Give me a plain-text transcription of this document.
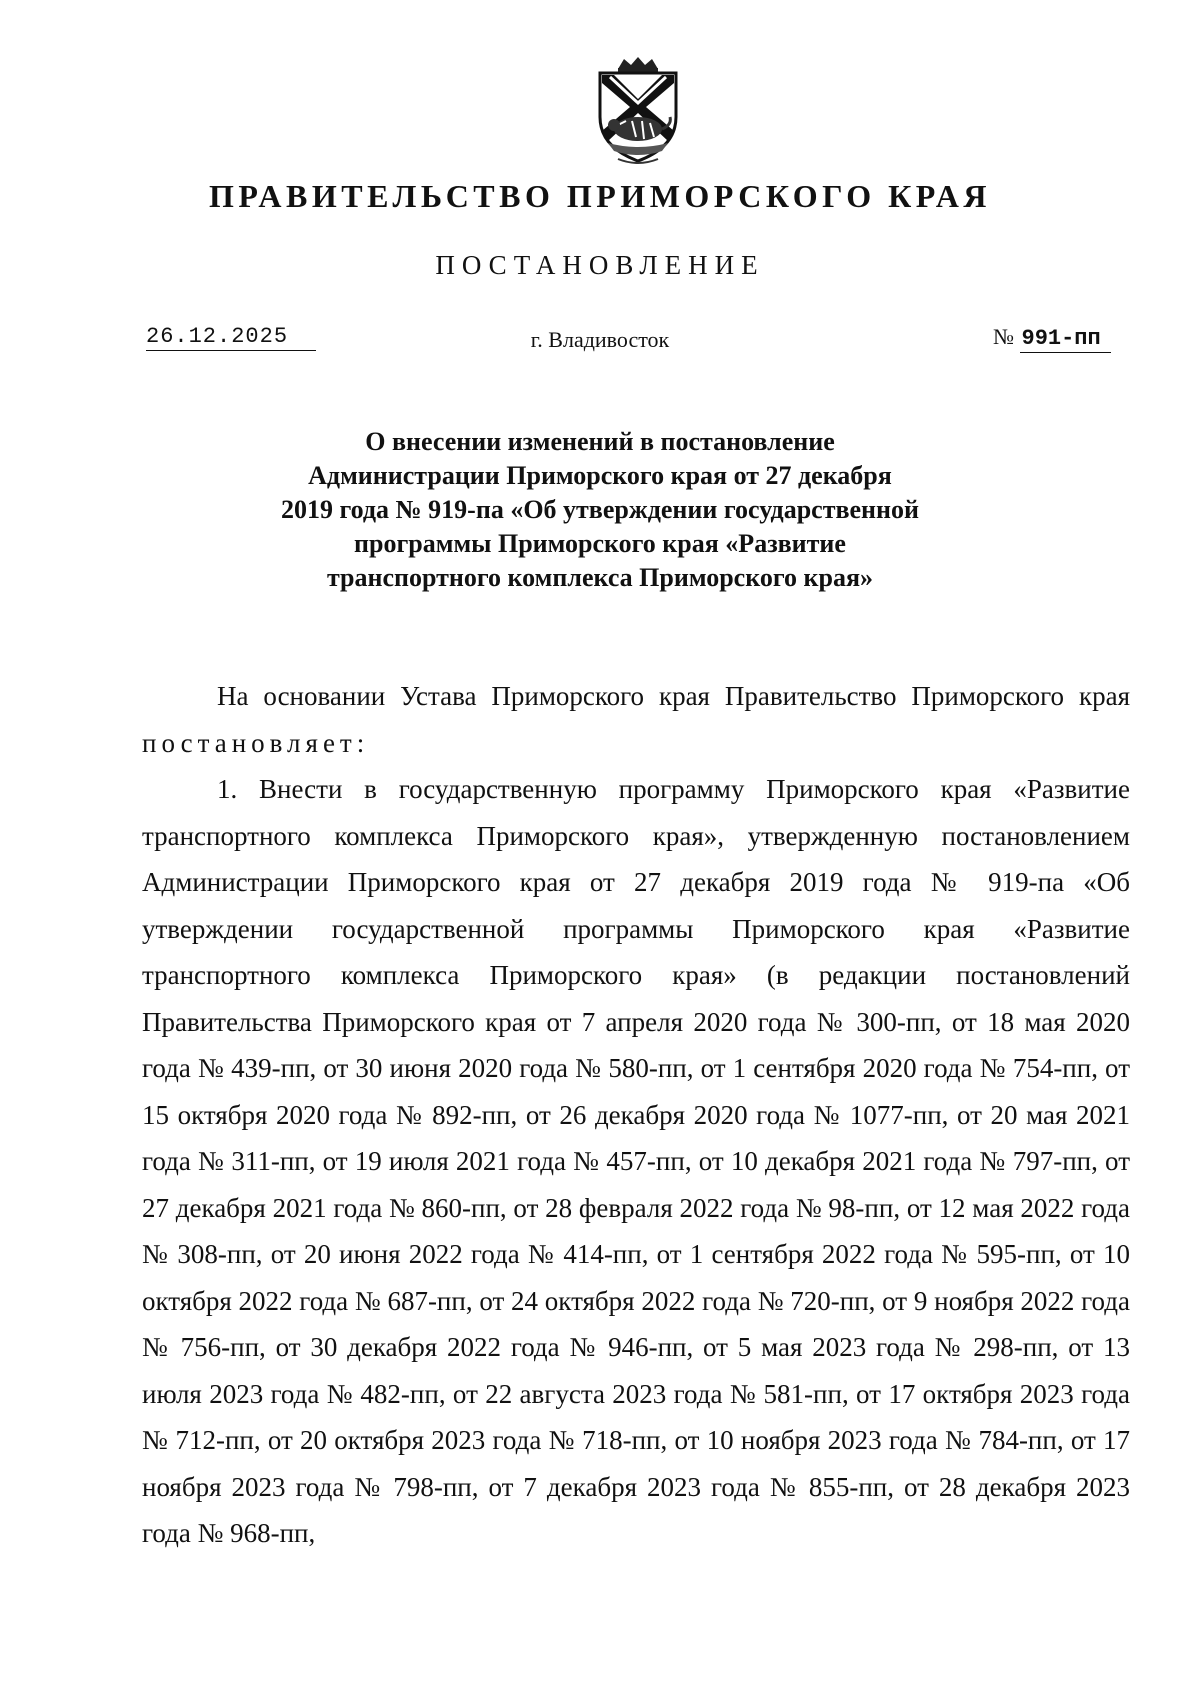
ПРАВИТЕЛЬСТВО ПРИМОРСКОГО КРАЯ
ПОСТАНОВЛЕНИЕ
26.12.2025	г. Владивосток	№ 991-пп
О внесении изменений в постановление
Администрации Приморского края от 27 декабря
2019 года № 919-па «Об утверждении государственной
программы Приморского края «Развитие
транспортного комплекса Приморского края»

На основании Устава Приморского края Правительство Приморского края постановляет:

1. Внести в государственную программу Приморского края «Развитие транспортного комплекса Приморского края», утвержденную постановлением Администрации Приморского края от 27 декабря 2019 года № 919-па «Об утверждении государственной программы Приморского края «Развитие транспортного комплекса Приморского края» (в редакции постановлений Правительства Приморского края от 7 апреля 2020 года № 300-пп, от 18 мая 2020 года № 439-пп, от 30 июня 2020 года № 580-пп, от 1 сентября 2020 года № 754-пп, от 15 октября 2020 года № 892-пп, от 26 декабря 2020 года № 1077-пп, от 20 мая 2021 года № 311-пп, от 19 июля 2021 года № 457-пп, от 10 декабря 2021 года № 797-пп, от 27 декабря 2021 года № 860-пп, от 28 февраля 2022 года № 98-пп, от 12 мая 2022 года № 308-пп, от 20 июня 2022 года № 414-пп, от 1 сентября 2022 года № 595-пп, от 10 октября 2022 года № 687-пп, от 24 октября 2022 года № 720-пп, от 9 ноября 2022 года № 756-пп, от 30 декабря 2022 года № 946-пп, от 5 мая 2023 года № 298-пп, от 13 июля 2023 года № 482-пп, от 22 августа 2023 года № 581-пп, от 17 октября 2023 года № 712-пп, от 20 октября 2023 года № 718-пп, от 10 ноября 2023 года № 784-пп, от 17 ноября 2023 года № 798-пп, от 7 декабря 2023 года № 855-пп, от 28 декабря 2023 года № 968-пп,
